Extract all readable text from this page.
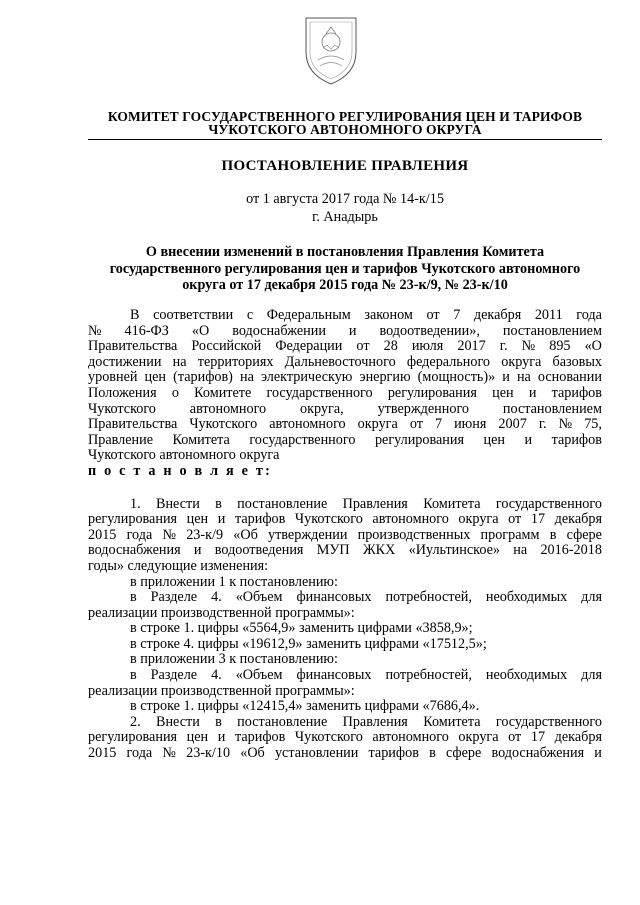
КОМИТЕТ ГОСУДАРСТВЕННОГО РЕГУЛИРОВАНИЯ ЦЕН И ТАРИФОВ
ЧУКОТСКОГО АВТОНОМНОГО ОКРУГА
ПОСТАНОВЛЕНИЕ ПРАВЛЕНИЯ
от 1 августа 2017 года № 14-к/15
г. Анадырь
О внесении изменений в постановления Правления Комитета
государственного регулирования цен и тарифов Чукотского автономного
округа от 17 декабря 2015 года № 23-к/9, № 23-к/10
В соответствии с Федеральным законом от 7 декабря 2011 года
№ 416-ФЗ «О водоснабжении и водоотведении», постановлением
Правительства Российской Федерации от 28 июля 2017 г. № 895 «О
достижении на территориях Дальневосточного федерального округа базовых
уровней цен (тарифов) на электрическую энергию (мощность)» и на основании
Положения о Комитете государственного регулирования цен и тарифов
Чукотского автономного округа, утвержденного постановлением
Правительства Чукотского автономного округа от 7 июня 2007 г. № 75,
Правление Комитета государственного регулирования цен и тарифов
Чукотского автономного округа
п о с т а н о в л я е т:
1. Внести в постановление Правления Комитета государственного
регулирования цен и тарифов Чукотского автономного округа от 17 декабря
2015 года № 23-к/9 «Об утверждении производственных программ в сфере
водоснабжения и водоотведения МУП ЖКХ «Иультинское» на 2016-2018
годы» следующие изменения:
в приложении 1 к постановлению:
в Разделе 4. «Объем финансовых потребностей, необходимых для
реализации производственной программы»:
в строке 1. цифры «5564,9» заменить цифрами «3858,9»;
в строке 4. цифры «19612,9» заменить цифрами «17512,5»;
в приложении 3 к постановлению:
в Разделе 4. «Объем финансовых потребностей, необходимых для
реализации производственной программы»:
в строке 1. цифры «12415,4» заменить цифрами «7686,4».
2. Внести в постановление Правления Комитета государственного
регулирования цен и тарифов Чукотского автономного округа от 17 декабря
2015 года № 23-к/10 «Об установлении тарифов в сфере водоснабжения и
